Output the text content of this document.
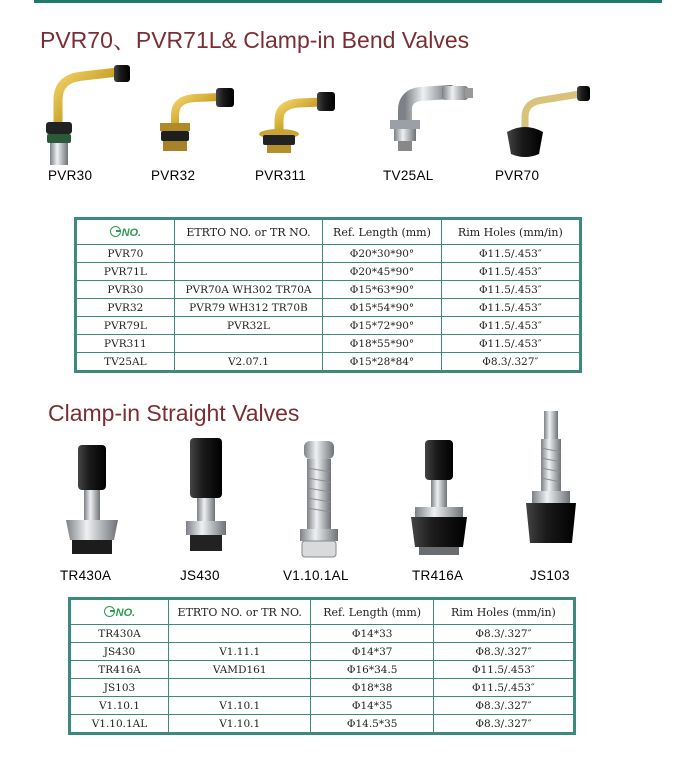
PVR70、PVR71L& Clamp-in Bend Valves
PVR30	PVR32	PVR311	TV25AL	PVR70
NO.	ETRTO NO. or TR NO.	Ref. Length (mm)	Rim Holes (mm/in)
PVR70		Φ20*30*90°	Φ11.5/.453″
PVR71L		Φ20*45*90°	Φ11.5/.453″
PVR30	PVR70A WH302 TR70A	Φ15*63*90°	Φ11.5/.453″
PVR32	PVR79 WH312 TR70B	Φ15*54*90°	Φ11.5/.453″
PVR79L	PVR32L	Φ15*72*90°	Φ11.5/.453″
PVR311		Φ18*55*90°	Φ11.5/.453″
TV25AL	V2.07.1	Φ15*28*84°	Φ8.3/.327″
Clamp-in Straight Valves
TR430A	JS430	V1.10.1AL	TR416A	JS103
NO.	ETRTO NO. or TR NO.	Ref. Length (mm)	Rim Holes (mm/in)
TR430A		Φ14*33	Φ8.3/.327″
JS430	V1.11.1	Φ14*37	Φ8.3/.327″
TR416A	VAMD161	Φ16*34.5	Φ11.5/.453″
JS103		Φ18*38	Φ11.5/.453″
V1.10.1	V1.10.1	Φ14*35	Φ8.3/.327″
V1.10.1AL	V1.10.1	Φ14.5*35	Φ8.3/.327″
